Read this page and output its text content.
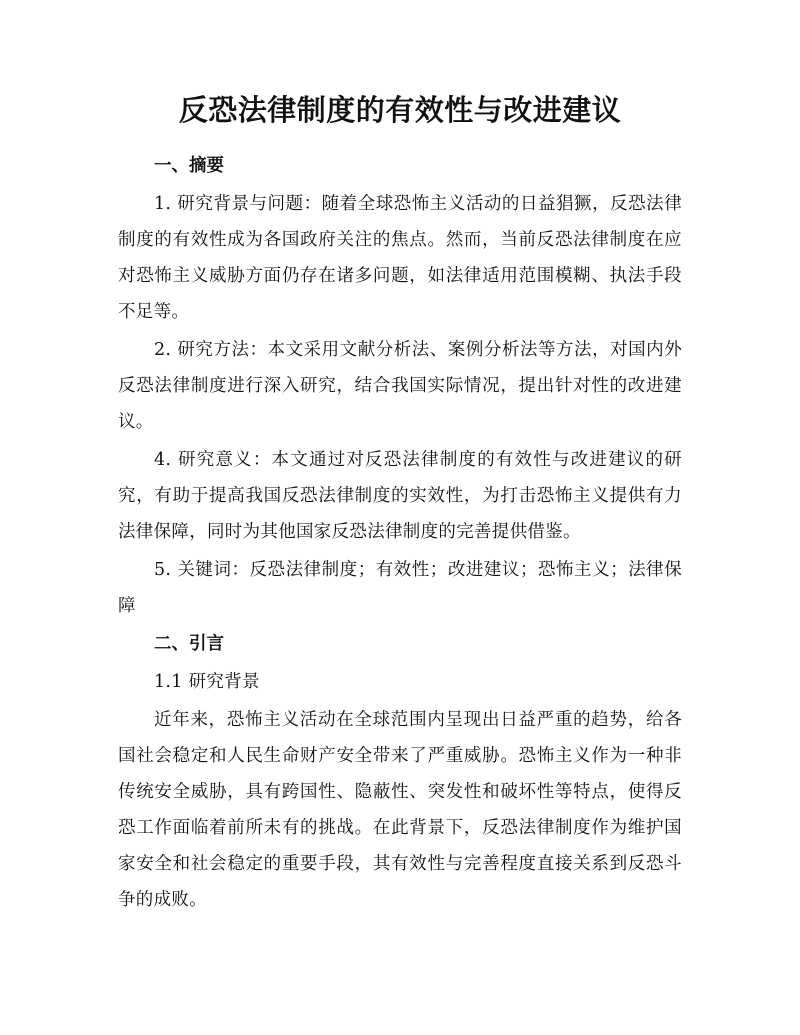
反恐法律制度的有效性与改进建议
一、摘要

1. 研究背景与问题：随着全球恐怖主义活动的日益猖獗，反恐法律制度的有效性成为各国政府关注的焦点。然而，当前反恐法律制度在应对恐怖主义威胁方面仍存在诸多问题，如法律适用范围模糊、执法手段不足等。

2. 研究方法：本文采用文献分析法、案例分析法等方法，对国内外反恐法律制度进行深入研究，结合我国实际情况，提出针对性的改进建议。

4. 研究意义：本文通过对反恐法律制度的有效性与改进建议的研究，有助于提高我国反恐法律制度的实效性，为打击恐怖主义提供有力法律保障，同时为其他国家反恐法律制度的完善提供借鉴。

5. 关键词：反恐法律制度；有效性；改进建议；恐怖主义；法律保障

二、引言
1.1 研究背景

近年来，恐怖主义活动在全球范围内呈现出日益严重的趋势，给各国社会稳定和人民生命财产安全带来了严重威胁。恐怖主义作为一种非传统安全威胁，具有跨国性、隐蔽性、突发性和破坏性等特点，使得反恐工作面临着前所未有的挑战。在此背景下，反恐法律制度作为维护国家安全和社会稳定的重要手段，其有效性与完善程度直接关系到反恐斗争的成败。
